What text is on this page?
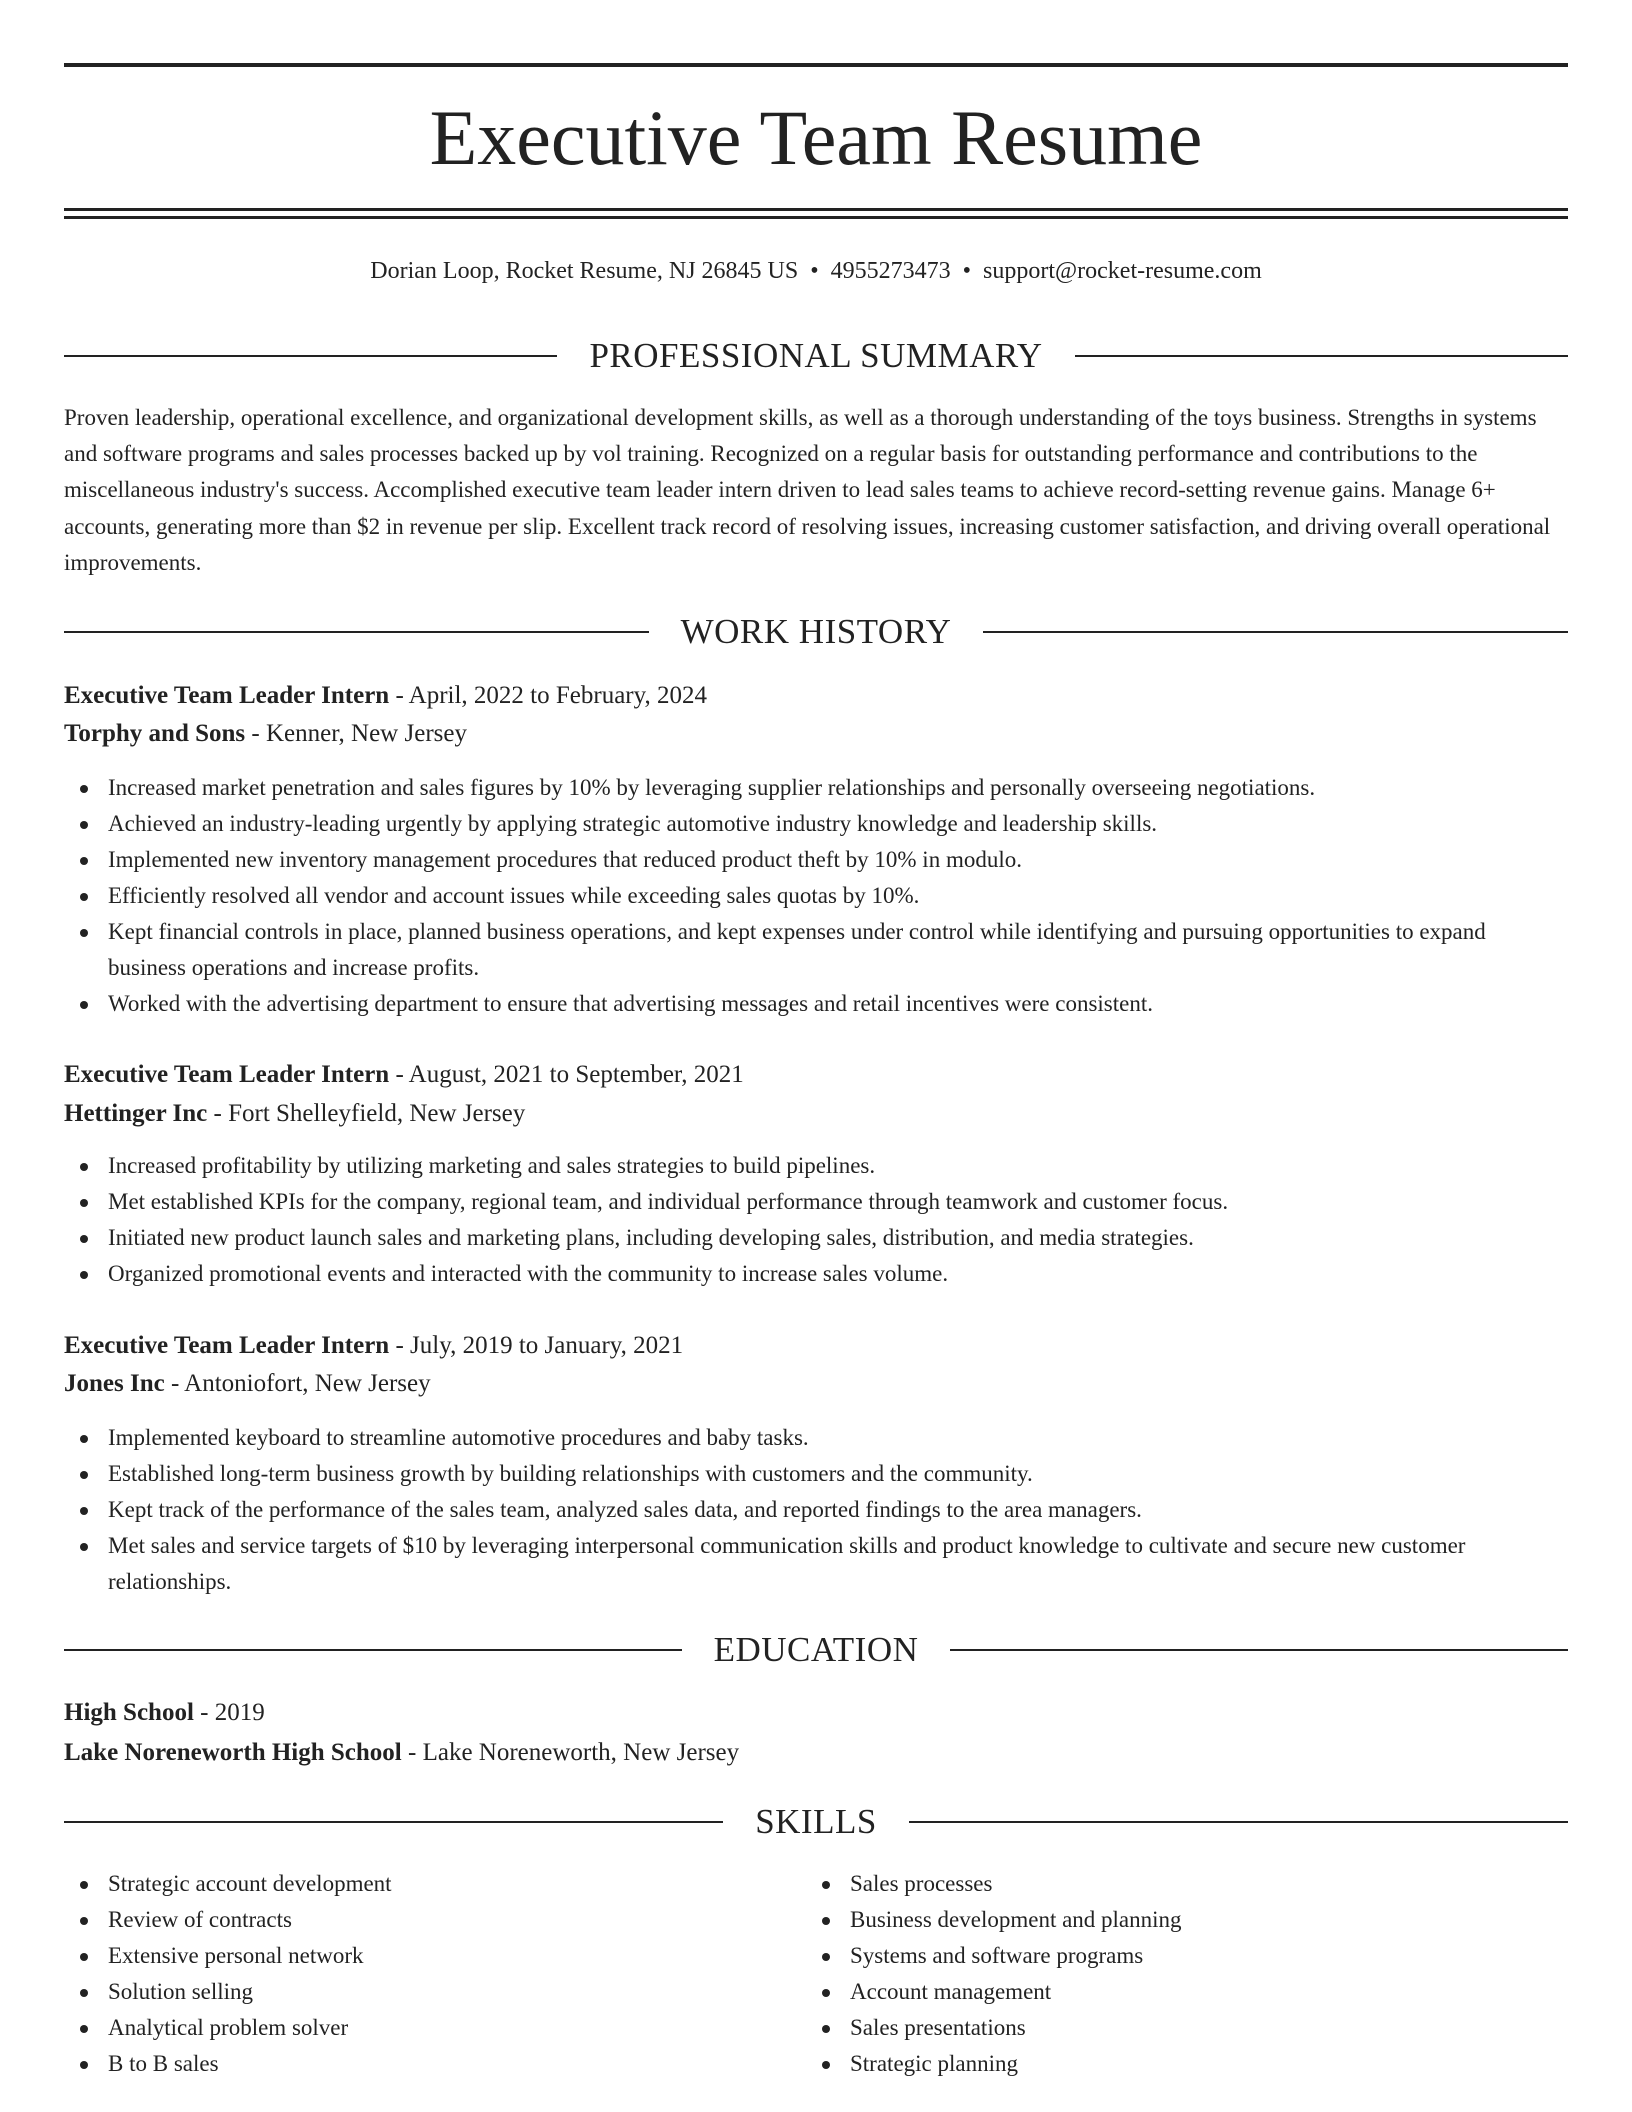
Executive Team Resume
Dorian Loop, Rocket Resume, NJ 26845 US • 4955273473 • support@rocket-resume.com
PROFESSIONAL SUMMARY

Proven leadership, operational excellence, and organizational development skills, as well as a thorough understanding of the toys business. Strengths in systems and software programs and sales processes backed up by vol training. Recognized on a regular basis for outstanding performance and contributions to the miscellaneous industry's success. Accomplished executive team leader intern driven to lead sales teams to achieve record-setting revenue gains. Manage 6+ accounts, generating more than $2 in revenue per slip. Excellent track record of resolving issues, increasing customer satisfaction, and driving overall operational improvements.

WORK HISTORY
Executive Team Leader Intern - April, 2022 to February, 2024
Torphy and Sons - Kenner, New Jersey
Increased market penetration and sales figures by 10% by leveraging supplier relationships and personally overseeing negotiations.
Achieved an industry-leading urgently by applying strategic automotive industry knowledge and leadership skills.
Implemented new inventory management procedures that reduced product theft by 10% in modulo.
Efficiently resolved all vendor and account issues while exceeding sales quotas by 10%.
Kept financial controls in place, planned business operations, and kept expenses under control while identifying and pursuing opportunities to expand business operations and increase profits.
Worked with the advertising department to ensure that advertising messages and retail incentives were consistent.
Executive Team Leader Intern - August, 2021 to September, 2021
Hettinger Inc - Fort Shelleyfield, New Jersey
Increased profitability by utilizing marketing and sales strategies to build pipelines.
Met established KPIs for the company, regional team, and individual performance through teamwork and customer focus.
Initiated new product launch sales and marketing plans, including developing sales, distribution, and media strategies.
Organized promotional events and interacted with the community to increase sales volume.
Executive Team Leader Intern - July, 2019 to January, 2021
Jones Inc - Antoniofort, New Jersey
Implemented keyboard to streamline automotive procedures and baby tasks.
Established long-term business growth by building relationships with customers and the community.
Kept track of the performance of the sales team, analyzed sales data, and reported findings to the area managers.
Met sales and service targets of $10 by leveraging interpersonal communication skills and product knowledge to cultivate and secure new customer relationships.
EDUCATION
High School - 2019
Lake Noreneworth High School - Lake Noreneworth, New Jersey
SKILLS
Strategic account development
Review of contracts
Extensive personal network
Solution selling
Analytical problem solver
B to B sales
Sales processes
Business development and planning
Systems and software programs
Account management
Sales presentations
Strategic planning
